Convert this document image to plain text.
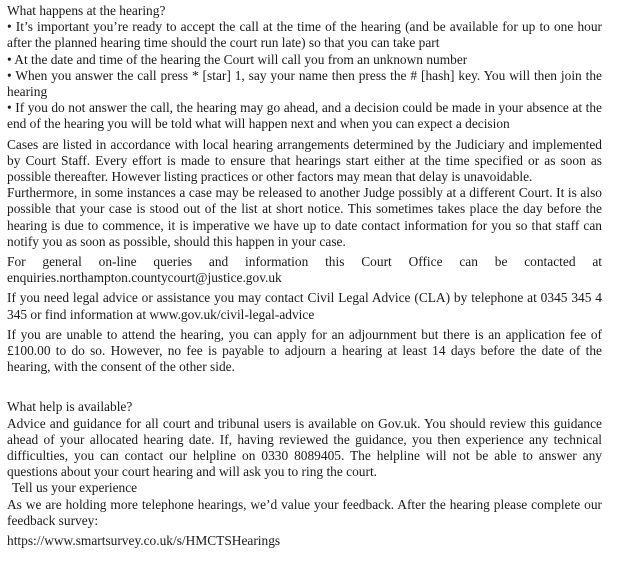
What happens at the hearing?

• It’s important you’re ready to accept the call at the time of the hearing (and be available for up to one hour after the planned hearing time should the court run late) so that you can take part

• At the date and time of the hearing the Court will call you from an unknown number

• When you answer the call press * [star] 1, say your name then press the # [hash] key. You will then join the hearing

• If you do not answer the call, the hearing may go ahead, and a decision could be made in your absence at the end of the hearing you will be told what will happen next and when you can expect a decision

Cases are listed in accordance with local hearing arrangements determined by the Judiciary and implemented by Court Staff. Every effort is made to ensure that hearings start either at the time specified or as soon as possible thereafter. However listing practices or other factors may mean that delay is unavoidable.

Furthermore, in some instances a case may be released to another Judge possibly at a different Court. It is also possible that your case is stood out of the list at short notice. This sometimes takes place the day before the hearing is due to commence, it is imperative we have up to date contact information for you so that staff can notify you as soon as possible, should this happen in your case.

For general on-line queries and information this Court Office can be contacted at

enquiries.northampton.countycourt@justice.gov.uk

If you need legal advice or assistance you may contact Civil Legal Advice (CLA) by telephone at 0345 345 4 345 or find information at www.gov.uk/civil-legal-advice

If you are unable to attend the hearing, you can apply for an adjournment but there is an application fee of £100.00 to do so. However, no fee is payable to adjourn a hearing at least 14 days before the date of the hearing, with the consent of the other side.

What help is available?

Advice and guidance for all court and tribunal users is available on Gov.uk. You should review this guidance ahead of your allocated hearing date. If, having reviewed the guidance, you then experience any technical difficulties, you can contact our helpline on 0330 8089405. The helpline will not be able to answer any questions about your court hearing and will ask you to ring the court.

Tell us your experience

As we are holding more telephone hearings, we’d value your feedback. After the hearing please complete our feedback survey:

https://www.smartsurvey.co.uk/s/HMCTSHearings
